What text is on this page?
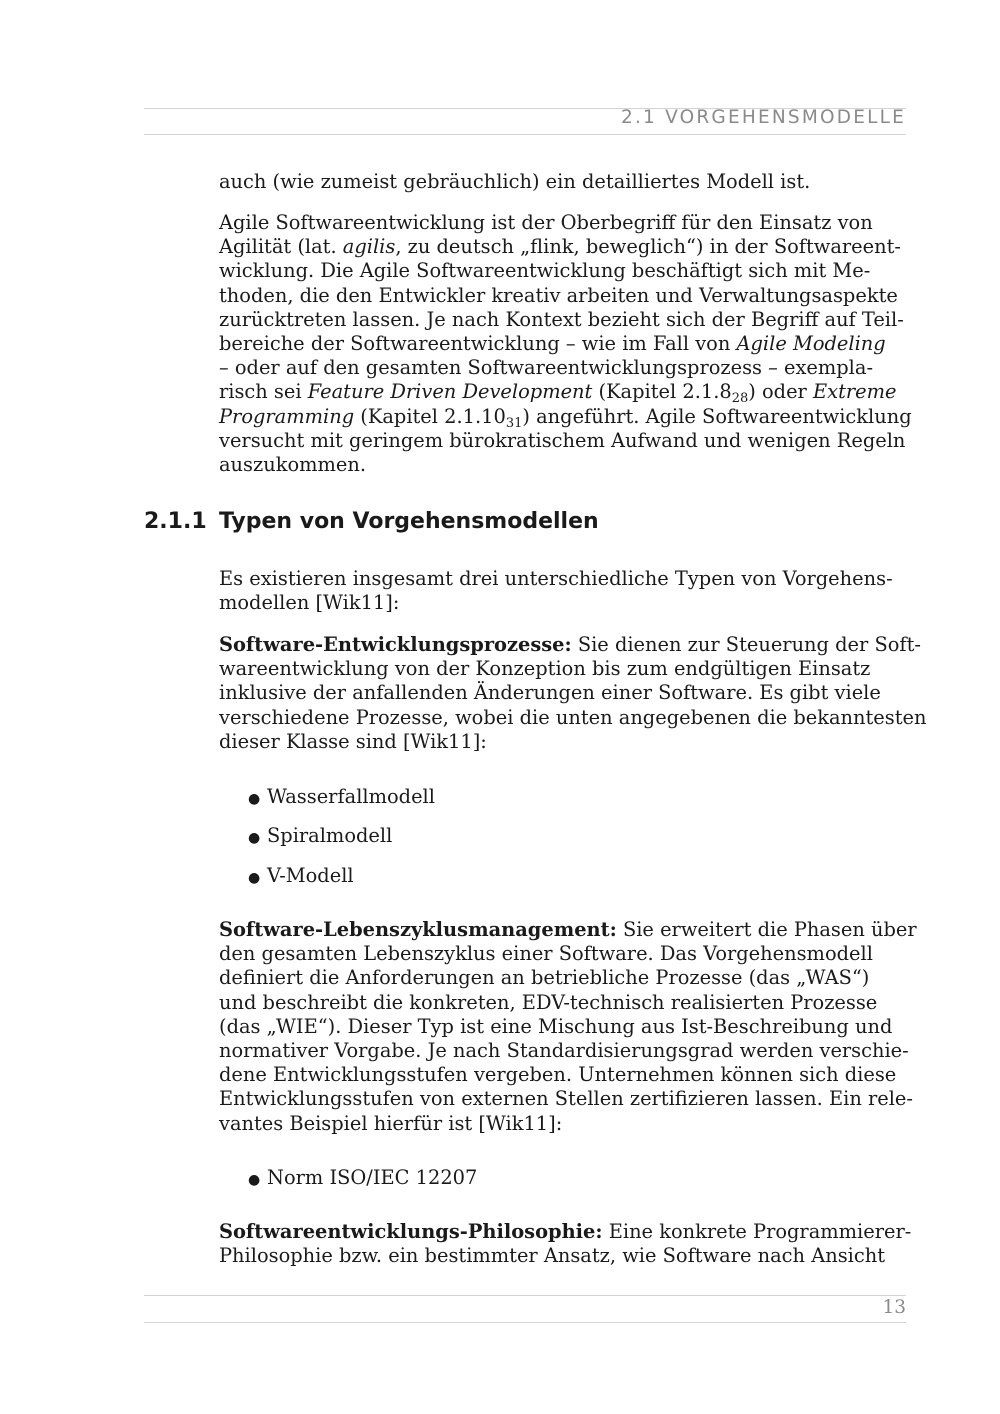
2.1 VORGEHENSMODELLE
auch (wie zumeist gebräuchlich) ein detailliertes Modell ist.
Agile Softwareentwicklung ist der Oberbegriff für den Einsatz von
Agilität (lat. agilis, zu deutsch „flink, beweglich“) in der Softwareent-
wicklung. Die Agile Softwareentwicklung beschäftigt sich mit Me-
thoden, die den Entwickler kreativ arbeiten und Verwaltungsaspekte
zurücktreten lassen. Je nach Kontext bezieht sich der Begriff auf Teil-
bereiche der Softwareentwicklung – wie im Fall von Agile Modeling
– oder auf den gesamten Softwareentwicklungsprozess – exempla-
risch sei Feature Driven Development (Kapitel $2.1.8_{28}$) oder Extreme
Programming (Kapitel $2.1.10_{31}$) angeführt. Agile Softwareentwicklung
versucht mit geringem bürokratischem Aufwand und wenigen Regeln
auszukommen.
2.1.1 Typen von Vorgehensmodellen
Es existieren insgesamt drei unterschiedliche Typen von Vorgehens-
modellen [Wik11]:
Software-Entwicklungsprozesse: Sie dienen zur Steuerung der Soft-
wareentwicklung von der Konzeption bis zum endgültigen Einsatz
inklusive der anfallenden Änderungen einer Software. Es gibt viele
verschiedene Prozesse, wobei die unten angegebenen die bekanntesten
dieser Klasse sind [Wik11]:
● Wasserfallmodell
● Spiralmodell
● V-Modell
Software-Lebenszyklusmanagement: Sie erweitert die Phasen über
den gesamten Lebenszyklus einer Software. Das Vorgehensmodell
definiert die Anforderungen an betriebliche Prozesse (das „WAS“)
und beschreibt die konkreten, EDV-technisch realisierten Prozesse
(das „WIE“). Dieser Typ ist eine Mischung aus Ist-Beschreibung und
normativer Vorgabe. Je nach Standardisierungsgrad werden verschie-
dene Entwicklungsstufen vergeben. Unternehmen können sich diese
Entwicklungsstufen von externen Stellen zertifizieren lassen. Ein rele-
vantes Beispiel hierfür ist [Wik11]:
● Norm ISO/IEC 12207
Softwareentwicklungs-Philosophie: Eine konkrete Programmierer-
Philosophie bzw. ein bestimmter Ansatz, wie Software nach Ansicht
13
